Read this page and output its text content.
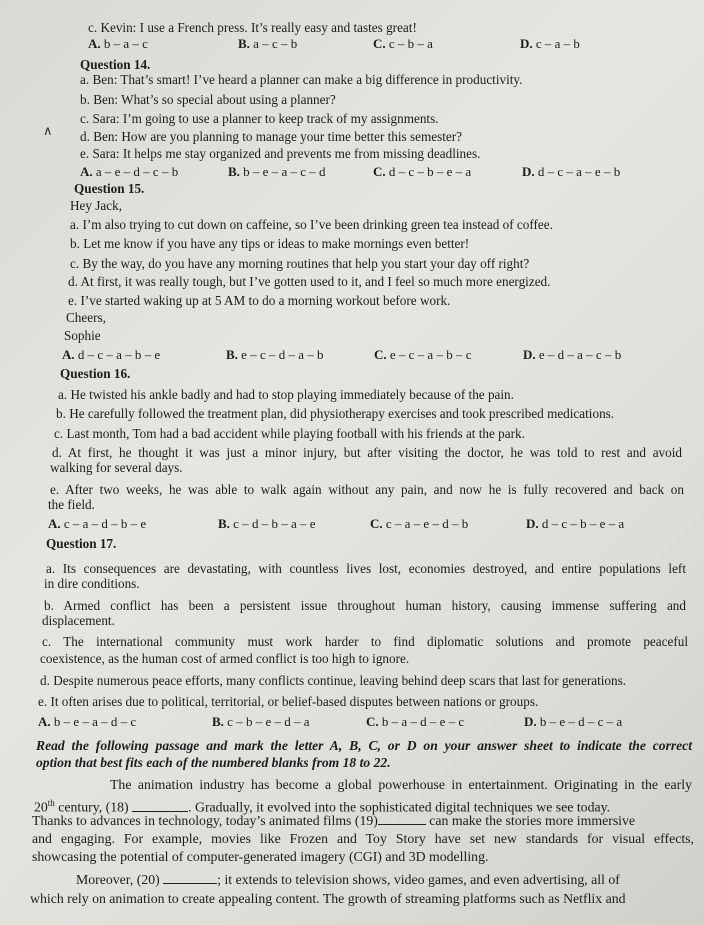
c. Kevin: I use a French press. It’s really easy and tastes great!
A. b – a – c	B. a – c – b	C. c – b – a	D. c – a – b
Question 14.
a. Ben: That’s smart! I’ve heard a planner can make a big difference in productivity.
b. Ben: What’s so special about using a planner?
c. Sara: I’m going to use a planner to keep track of my assignments.
∧ d. Ben: How are you planning to manage your time better this semester?
e. Sara: It helps me stay organized and prevents me from missing deadlines.
A. a – e – d – c – b	B. b – e – a – c – d	C. d – c – b – e – a	D. d – c – a – e – b
Question 15.
Hey Jack,
a. I’m also trying to cut down on caffeine, so I’ve been drinking green tea instead of coffee.
b. Let me know if you have any tips or ideas to make mornings even better!
c. By the way, do you have any morning routines that help you start your day off right?
d. At first, it was really tough, but I’ve gotten used to it, and I feel so much more energized.
e. I’ve started waking up at 5 AM to do a morning workout before work.
Cheers,
Sophie
A. d – c – a – b – e	B. e – c – d – a – b	C. e – c – a – b – c	D. e – d – a – c – b
Question 16.
a. He twisted his ankle badly and had to stop playing immediately because of the pain.
b. He carefully followed the treatment plan, did physiotherapy exercises and took prescribed medications.
c. Last month, Tom had a bad accident while playing football with his friends at the park.
d. At first, he thought it was just a minor injury, but after visiting the doctor, he was told to rest and avoid
walking for several days.
e. After two weeks, he was able to walk again without any pain, and now he is fully recovered and back on
the field.
A. c – a – d – b – e	B. c – d – b – a – e	C. c – a – e – d – b	D. d – c – b – e – a
Question 17.
a. Its consequences are devastating, with countless lives lost, economies destroyed, and entire populations left
in dire conditions.
b. Armed conflict has been a persistent issue throughout human history, causing immense suffering and
displacement.
c. The international community must work harder to find diplomatic solutions and promote peaceful
coexistence, as the human cost of armed conflict is too high to ignore.
d. Despite numerous peace efforts, many conflicts continue, leaving behind deep scars that last for generations.
e. It often arises due to political, territorial, or belief-based disputes between nations or groups.
A. b – e – a – d – c	B. c – b – e – d – a	C. b – a – d – e – c	D. b – e – d – c – a
Read the following passage and mark the letter A, B, C, or D on your answer sheet to indicate the correct
option that best fits each of the numbered blanks from 18 to 22.
The animation industry has become a global powerhouse in entertainment. Originating in the early
20th century, (18)	. Gradually, it evolved into the sophisticated digital techniques we see today.
Thanks to advances in technology, today’s animated films (19)	can make the stories more immersive
and engaging. For example, movies like Frozen and Toy Story have set new standards for visual effects,
showcasing the potential of computer-generated imagery (CGI) and 3D modelling.
Moreover, (20)	; it extends to television shows, video games, and even advertising, all of
which rely on animation to create appealing content. The growth of streaming platforms such as Netflix and
